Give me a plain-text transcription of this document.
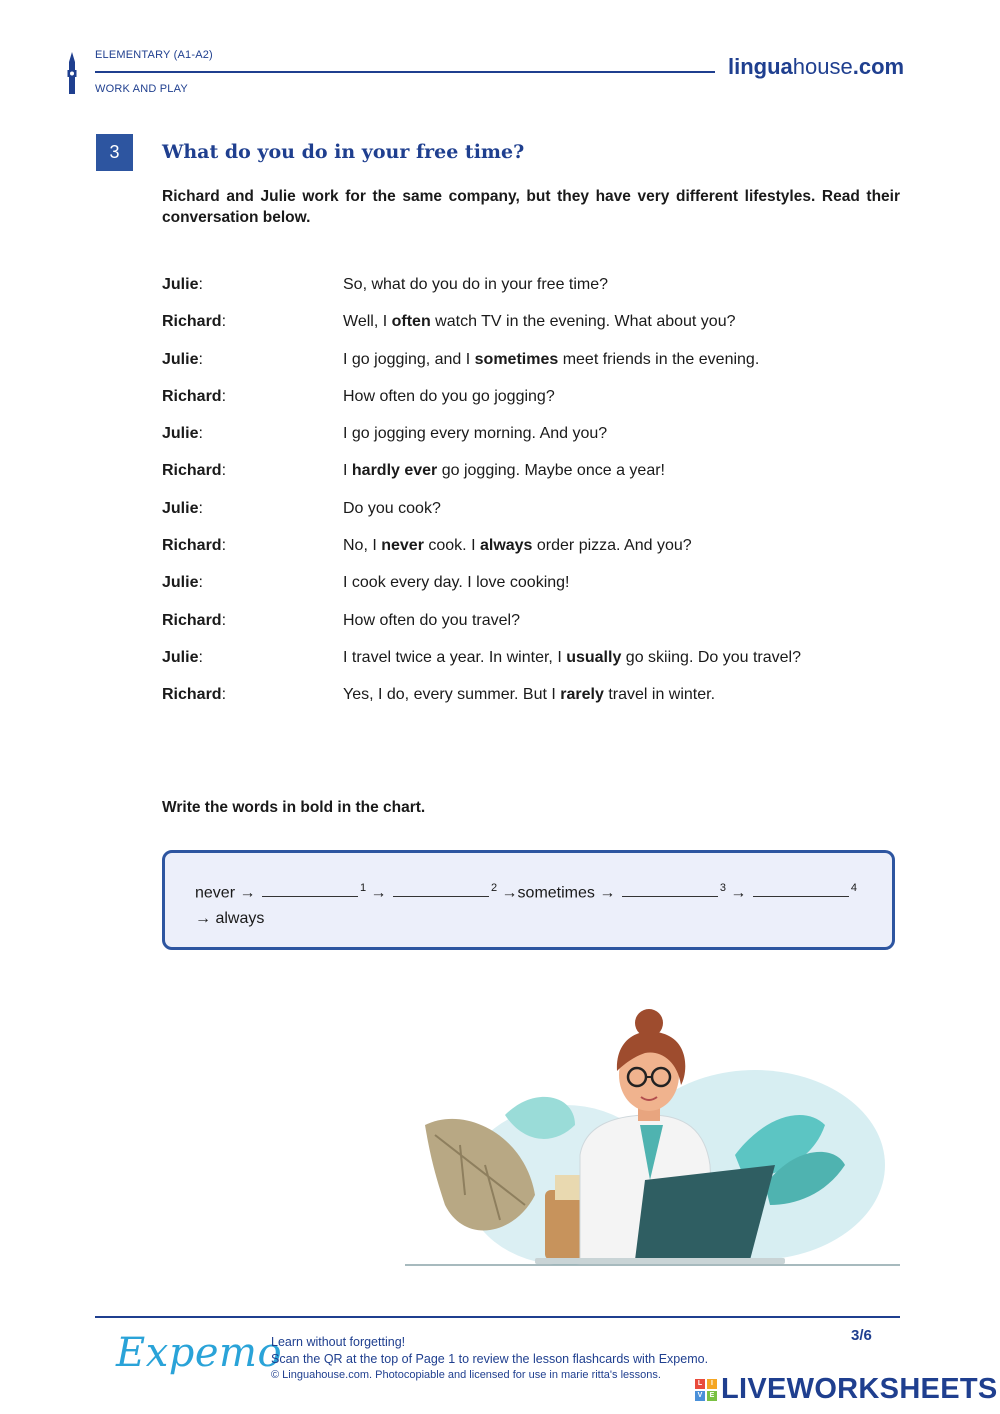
ELEMENTARY (A1-A2)
WORK AND PLAY
linguahouse.com
3	What do you do in your free time?
Richard and Julie work for the same company, but they have very different lifestyles. Read their conversation below.
Julie:	So, what do you do in your free time?
Richard:	Well, I often watch TV in the evening. What about you?
Julie:	I go jogging, and I sometimes meet friends in the evening.
Richard:	How often do you go jogging?
Julie:	I go jogging every morning. And you?
Richard:	I hardly ever go jogging. Maybe once a year!
Julie:	Do you cook?
Richard:	No, I never cook. I always order pizza. And you?
Julie:	I cook every day. I love cooking!
Richard:	How often do you travel?
Julie:	I travel twice a year. In winter, I usually go skiing. Do you travel?
Richard:	Yes, I do, every summer. But I rarely travel in winter.
Write the words in bold in the chart.
never →	$^1$ →	$^2$ →sometimes →	$^3$ →	$^4$
→ always
Expemo
Learn without forgetting!
Scan the QR at the top of Page 1 to review the lesson flashcards with Expemo.
© Linguahouse.com. Photocopiable and licensed for use in marie ritta's lessons.
3/6
L	I
V	E LIVEWORKSHEETS
